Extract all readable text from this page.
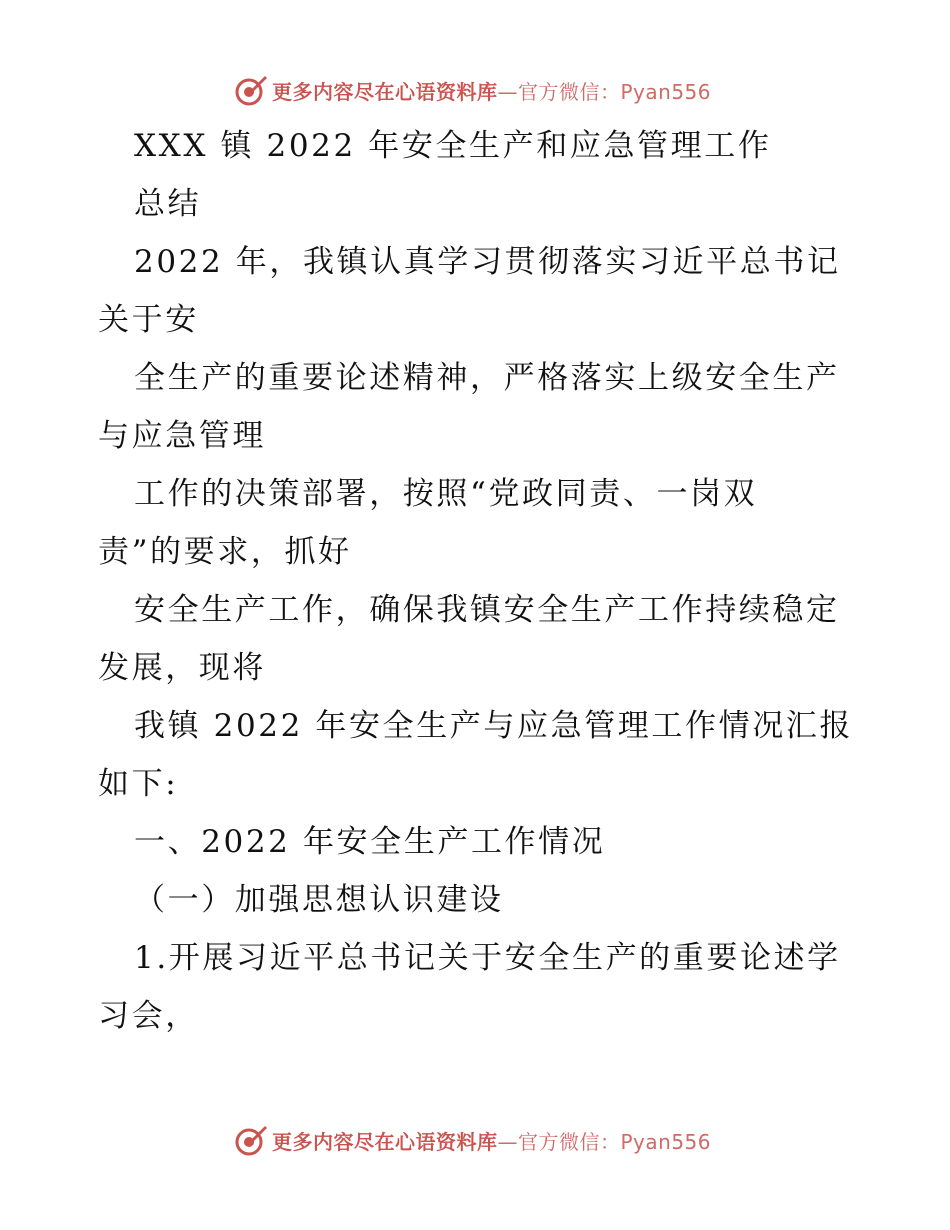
更多内容尽在心语资料库—官方微信：Pyan556

XXX 镇 2022 年安全生产和应急管理工作

总结

2022 年，我镇认真学习贯彻落实习近平总书记

关于安

全生产的重要论述精神，严格落实上级安全生产

与应急管理

工作的决策部署，按照“党政同责、一岗双

责”的要求，抓好

安全生产工作，确保我镇安全生产工作持续稳定

发展，现将

我镇 2022 年安全生产与应急管理工作情况汇报

如下:

一、2022 年安全生产工作情况

（一）加强思想认识建设

1.开展习近平总书记关于安全生产的重要论述学

习会，

更多内容尽在心语资料库—官方微信：Pyan556
